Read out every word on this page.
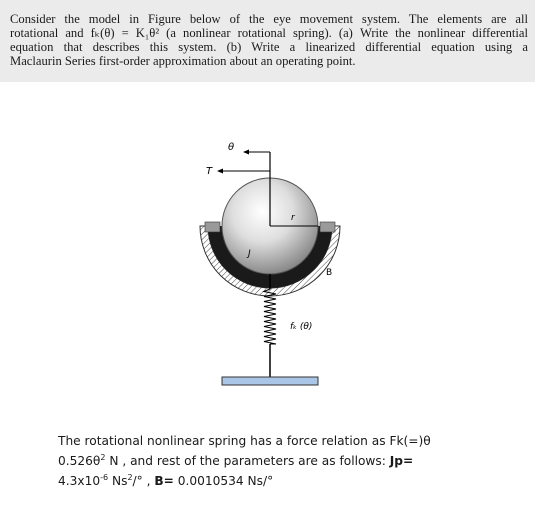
Consider the model in Figure below of the eye movement system. The elements are all
rotational and fₖ(θ) = K₁θ² (a nonlinear rotational spring). (a) Write the nonlinear differential
equation that describes this system. (b) Write a linearized differential equation using a
Maclaurin Series first-order approximation about an operating point.
θ
T
r
J
B
fₖ (θ)
The rotational nonlinear spring has a force relation as Fk(=)θ
$0.526\theta^2$ N , and rest of the parameters are as follows: Jp=
$4.3x10^{-6}$ Ns$^2$/° , B= 0.0010534 Ns/°
